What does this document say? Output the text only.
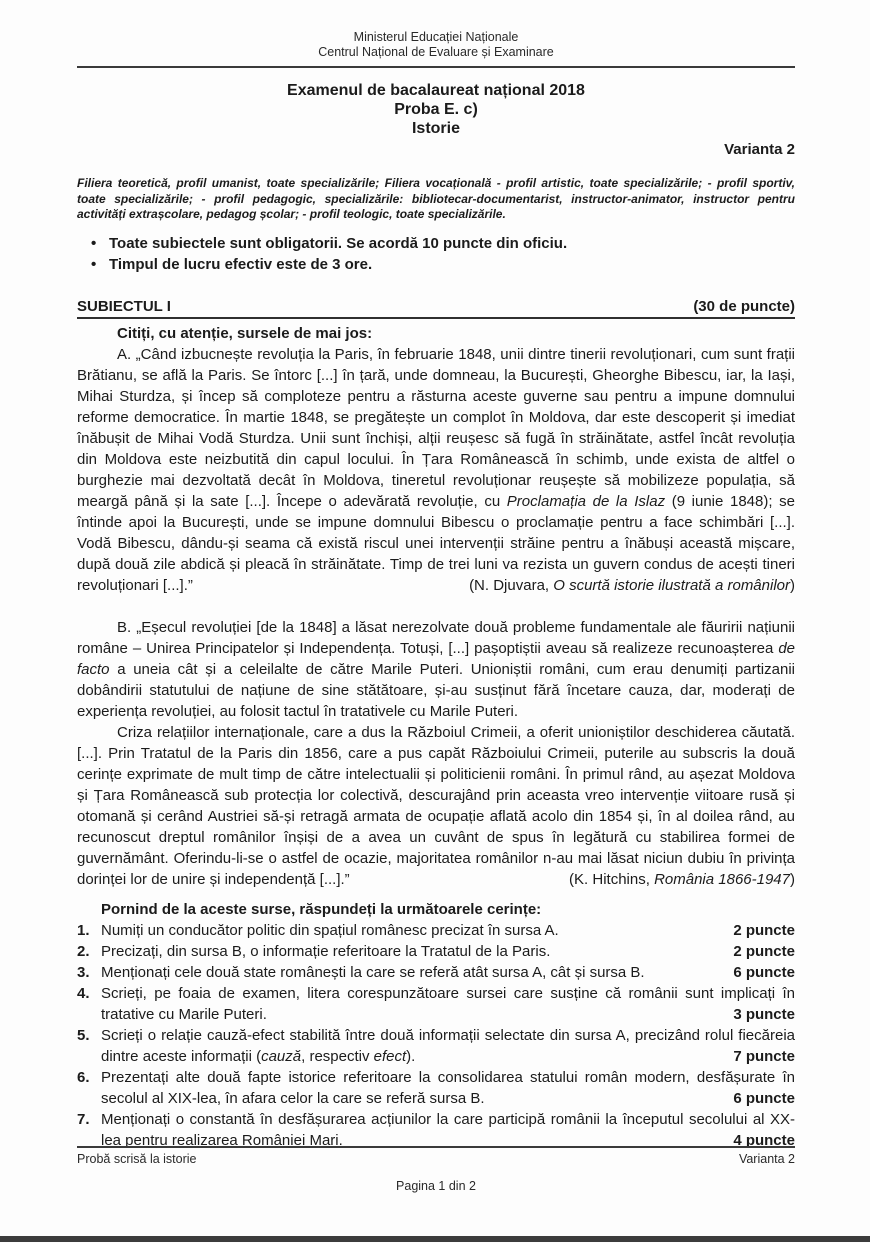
Ministerul Educației Naționale
Centrul Național de Evaluare și Examinare
Examenul de bacalaureat național 2018
Proba E. c)
Istorie
Varianta 2

Filiera teoretică, profil umanist, toate specializările; Filiera vocațională - profil artistic, toate specializările; - profil sportiv, toate specializările; - profil pedagogic, specializările: bibliotecar-documentarist, instructor-animator, instructor pentru activități extrașcolare, pedagog școlar; - profil teologic, toate specializările.

• Toate subiectele sunt obligatorii. Se acordă 10 puncte din oficiu.
• Timpul de lucru efectiv este de 3 ore.
SUBIECTUL I	(30 de puncte)

Citiți, cu atenție, sursele de mai jos:

A. „Când izbucnește revoluția la Paris, în februarie 1848, unii dintre tinerii revoluționari, cum sunt frații Brătianu, se află la Paris. Se întorc [...] în țară, unde domneau, la București, Gheorghe Bibescu, iar, la Iași, Mihai Sturdza, și încep să comploteze pentru a răsturna aceste guverne sau pentru a impune domnului reforme democratice. În martie 1848, se pregătește un complot în Moldova, dar este descoperit și imediat înăbușit de Mihai Vodă Sturdza. Unii sunt închiși, alții reușesc să fugă în străinătate, astfel încât revoluția din Moldova este neizbutită din capul locului. În Țara Românească în schimb, unde exista de altfel o burghezie mai dezvoltată decât în Moldova, tineretul revoluționar reușește să mobilizeze populația, să meargă până și la sate [...]. Începe o adevărată revoluție, cu Proclamația de la Islaz (9 iunie 1848); se întinde apoi la București, unde se impune domnului Bibescu o proclamație pentru a face schimbări [...]. Vodă Bibescu, dându-și seama că există riscul unei intervenții străine pentru a înăbuși această mișcare, după două zile abdică și pleacă în străinătate. Timp de trei luni va rezista un guvern condus de acești tineri revoluționari [...].”	(N. Djuvara, O scurtă istorie ilustrată a românilor)

B. „Eșecul revoluției [de la 1848] a lăsat nerezolvate două probleme fundamentale ale făuririi națiunii române – Unirea Principatelor și Independența. Totuși, [...] pașoptiștii aveau să realizeze recunoașterea de facto a uneia cât și a celeilalte de către Marile Puteri. Unioniștii români, cum erau denumiți partizanii dobândirii statutului de națiune de sine stătătoare, și-au susținut fără încetare cauza, dar, moderați de experiența revoluției, au folosit tactul în tratativele cu Marile Puteri.

Criza relațiilor internaționale, care a dus la Războiul Crimeii, a oferit unioniștilor deschiderea căutată. [...]. Prin Tratatul de la Paris din 1856, care a pus capăt Războiului Crimeii, puterile au subscris la două cerințe exprimate de mult timp de către intelectualii și politicienii români. În primul rând, au așezat Moldova și Țara Românească sub protecția lor colectivă, descurajând prin aceasta vreo intervenție viitoare rusă și otomană și cerând Austriei să-și retragă armata de ocupație aflată acolo din 1854 și, în al doilea rând, au recunoscut dreptul românilor înșiși de a avea un cuvânt de spus în legătură cu stabilirea formei de guvernământ. Oferindu-li-se o astfel de ocazie, majoritatea românilor n-au mai lăsat niciun dubiu în privința dorinței lor de unire și independență [...].”	(K. Hitchins, România 1866-1947)

Pornind de la aceste surse, răspundeți la următoarele cerințe:

1. Numiți un conducător politic din spațiul românesc precizat în sursa A.	2 puncte
2. Precizați, din sursa B, o informație referitoare la Tratatul de la Paris.	2 puncte
3. Menționați cele două state românești la care se referă atât sursa A, cât și sursa B.	6 puncte
4. Scrieți, pe foaia de examen, litera corespunzătoare sursei care susține că românii sunt implicați în tratative cu Marile Puteri.	3 puncte
5. Scrieți o relație cauză-efect stabilită între două informații selectate din sursa A, precizând rolul fiecăreia dintre aceste informații (cauză, respectiv efect).	7 puncte
6. Prezentați alte două fapte istorice referitoare la consolidarea statului român modern, desfășurate în secolul al XIX-lea, în afara celor la care se referă sursa B.	6 puncte
7. Menționați o constantă în desfășurarea acțiunilor la care participă românii la începutul secolului al XX-lea pentru realizarea României Mari.	4 puncte
Probă scrisă la istorie	Varianta 2
Pagina 1 din 2
